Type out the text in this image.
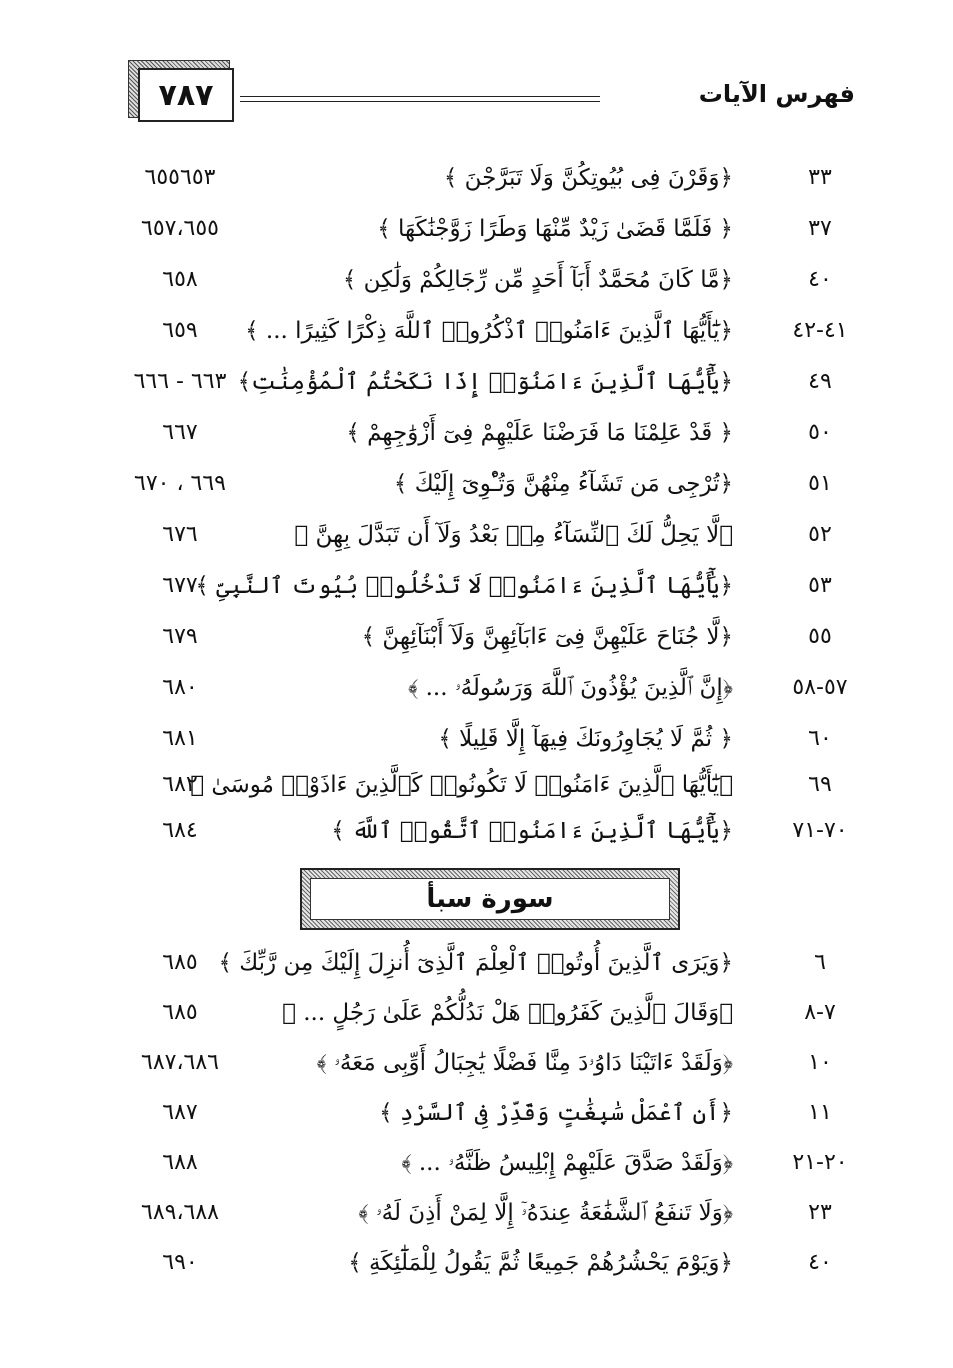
٧٨٧	فهرس الآيات
٣٣
﴿وَقَرْنَ فِى بُيُوتِكُنَّ وَلَا تَبَرَّجْنَ ﴾
٦٥٥٦٥٣
٣٧
﴿ فَلَمَّا قَضَىٰ زَيْدٌ مِّنْهَا وَطَرًا زَوَّجْنَٰكَهَا ﴾
٦٥٧،٦٥٥
٤٠
﴿مَّا كَانَ مُحَمَّدٌ أَبَآ أَحَدٍ مِّن رِّجَالِكُمْ وَلَٰكِن ﴾
٦٥٨
٤١-٤٢
﴿يَٰٓأَيُّهَا ٱلَّذِينَ ءَامَنُوا۟ ٱذْكُرُوا۟ ٱللَّهَ ذِكْرًا كَثِيرًا ... ﴾
٦٥٩
٤٩
﴿يَٰٓأَيُّهَا ٱلَّذِينَ ءَامَنُوٓا۟ إِذَا نَكَحْتُمُ ٱلْمُؤْمِنَٰتِ﴾
٦٦٣ - ٦٦٦
٥٠
﴿ قَدْ عَلِمْنَا مَا فَرَضْنَا عَلَيْهِمْ فِىٓ أَزْوَٰجِهِمْ ﴾
٦٦٧
٥١
﴿تُرْجِى مَن تَشَآءُ مِنْهُنَّ وَتُـْٔوِىٓ إِلَيْكَ ﴾
٦٦٩ ، ٦٧٠
٥٢
﴿لَّا يَحِلُّ لَكَ ٱلنِّسَآءُ مِنۢ بَعْدُ وَلَآ أَن تَبَدَّلَ بِهِنَّ ﴾
٦٧٦
٥٣
﴿يَٰٓأَيُّهَا ٱلَّذِينَ ءَامَنُوا۟ لَا تَدْخُلُوا۟ بُيُوتَ ٱلنَّبِىِّ ﴾
٦٧٧
٥٥
﴿لَّا جُنَاحَ عَلَيْهِنَّ فِىٓ ءَابَآئِهِنَّ وَلَآ أَبْنَآئِهِنَّ ﴾
٦٧٩
٥٧-٥٨
﴿إِنَّ ٱلَّذِينَ يُؤْذُونَ ٱللَّهَ وَرَسُولَهُۥ ... ﴾
٦٨٠
٦٠
﴿ ثُمَّ لَا يُجَاوِرُونَكَ فِيهَآ إِلَّا قَلِيلًا ﴾
٦٨١
٦٩
﴿يَٰٓأَيُّهَا ٱلَّذِينَ ءَامَنُوا۟ لَا تَكُونُوا۟ كَٱلَّذِينَ ءَاذَوْا۟ مُوسَىٰ ﴾
٦٨٢
٧٠-٧١
﴿يَٰٓأَيُّهَا ٱلَّذِينَ ءَامَنُوا۟ ٱتَّقُوا۟ ٱللَّهَ ﴾
٦٨٤
سورة سبأ
٦
﴿وَيَرَى ٱلَّذِينَ أُوتُوا۟ ٱلْعِلْمَ ٱلَّذِىٓ أُنزِلَ إِلَيْكَ مِن رَّبِّكَ ﴾
٦٨٥
٧-٨
﴿وَقَالَ ٱلَّذِينَ كَفَرُوا۟ هَلْ نَدُلُّكُمْ عَلَىٰ رَجُلٍ ... ﴾
٦٨٥
١٠
﴿وَلَقَدْ ءَاتَيْنَا دَاوُۥدَ مِنَّا فَضْلًا يَٰجِبَالُ أَوِّبِى مَعَهُۥ ﴾
٦٨٧،٦٨٦
١١
﴿أَنِ ٱعْمَلْ سَٰبِغَٰتٍ وَقَدِّرْ فِى ٱلسَّرْدِ ﴾
٦٨٧
٢٠-٢١
﴿وَلَقَدْ صَدَّقَ عَلَيْهِمْ إِبْلِيسُ ظَنَّهُۥ ... ﴾
٦٨٨
٢٣
﴿وَلَا تَنفَعُ ٱلشَّفَٰعَةُ عِندَهُۥٓ إِلَّا لِمَنْ أَذِنَ لَهُۥ ﴾
٦٨٩،٦٨٨
٤٠
﴿وَيَوْمَ يَحْشُرُهُمْ جَمِيعًا ثُمَّ يَقُولُ لِلْمَلَٰٓئِكَةِ ﴾
٦٩٠
